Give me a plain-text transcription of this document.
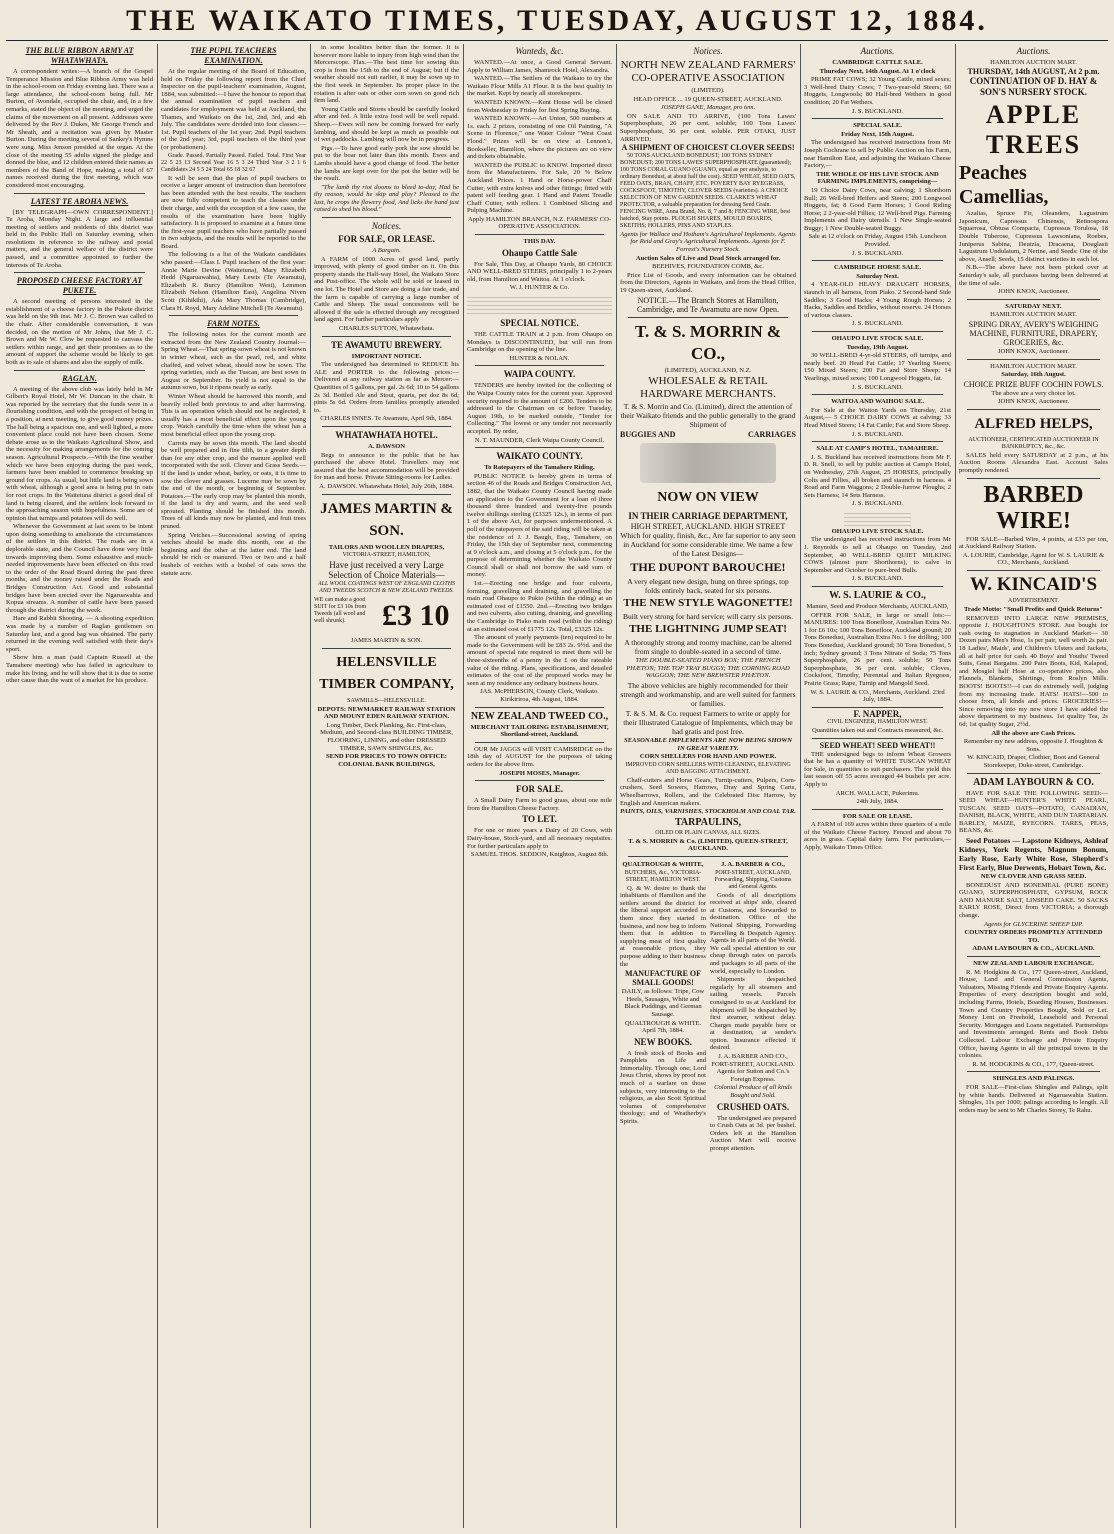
THE WAIKATO TIMES, TUESDAY, AUGUST 12, 1884.
THE BLUE RIBBON ARMY AT WHATAWHATA.

A correspondent writes:—A branch of the Gospel Temperance Mission and Blue Ribbon Army was held in the school-room on Friday evening last. There was a large attendance, the school-room being full. Mr Burton, of Avondale, occupied the chair, and, in a few remarks, stated the object of the meeting, and urged the claims of the movement on all present. Addresses were delivered by the Rev J. Dukes, Mr George French and Mr Sheath, and a recitation was given by Master Burton. During the meeting several of Sankey's Hymns were sung. Miss Jenson presided at the organ. At the close of the meeting 55 adults signed the pledge and donned the blue, and 12 children entered their names as members of the Band of Hope, making a total of 67 names received during the first meeting, which was considered most encouraging.

LATEST TE AROHA NEWS.

[BY TELEGRAPH—OWN CORRESPONDENT.] Te Aroha, Monday Night. A large and influential meeting of settlers and residents of this district was held in the Public Hall on Saturday evening, when resolutions in reference to the railway and postal matters, and the general welfare of the district were passed, and a committee appointed to further the interests of Te Aroha.

PROPOSED CHEESE FACTORY AT PUKETE.

A second meeting of persons interested in the establishment of a cheese factory in the Pukete district was held on the 9th inst. Mr J. C. Brown was called to the chair. After considerable conversation, it was decided, on the motion of Mr Johns, that Mr J. C. Brown and Mr W. Clow be requested to canvass the settlers within range, and get their promises as to the amount of support the scheme would be likely to get both as to sale of shares and also the supply of milk.

RAGLAN.

A meeting of the above club was lately held in Mr Gilbert's Royal Hotel, Mr W. Duncan in the chair. It was reported by the secretary that the funds were in a flourishing condition, and with the prospect of being in a position, at next meeting, to give good money prizes. The hall being a spacious one, and well lighted, a more convenient place could not have been chosen. Some debate arose as to the Waikato Agricultural Show, and the necessity for making arrangements for the coming season. Agricultural Prospects.—With the fine weather which we have been enjoying during the past week, farmers have been enabled to commence breaking up ground for crops. As usual, but little land is being sown with wheat, although a good area is being put in oats for root crops. In the Waitetuna district a good deal of land is being cleared, and the settlers look forward to the approaching season with hopefulness. Some are of opinion that turnips and potatoes will do well.

Whenever the Government at last seem to be intent upon doing something to ameliorate the circumstances of the settlers in this district. The roads are in a deplorable state, and the Council have done very little towards improving them. Some exhaustive and much-needed improvements have been effected on this road to the order of the Road Board during the past three months, and the money raised under the Roads and Bridges Construction Act. Good and substantial bridges have been erected over the Ngaruawahia and Kopua streams. A number of cattle have been passed through the district during the week.

Hare and Rabbit Shooting. — A shooting expedition was made by a number of Raglan gentlemen on Saturday last, and a good bag was obtained. The party returned in the evening well satisfied with their day's sport.

Show him a man (said Captain Russell at the Tamahere meeting) who has failed in agriculture to make his living, and he will show that it is due to some other cause than the want of a market for his produce.

THE PUPIL TEACHERS EXAMINATION.

At the regular meeting of the Board of Education, held on Friday the following report from the Chief Inspector on the pupil-teachers' examination, August, 1884, was submitted:—I have the honour to report that the annual examination of pupil teachers and candidates for employment was held at Auckland, the Thames, and Waikato on the 1st, 2nd, 3rd, and 4th July. The candidates were divided into four classes:—1st. Pupil teachers of the 1st year; 2nd. Pupil teachers of the 2nd year; 3rd, pupil teachers of the third year (or probationers).

Grade. Passed. Partially Passed. Failed. Total. First Year 22 5 23 13 Second Year 16 5 3 24 Third Year 3 2 1 6 Candidates 24 5 5 24 Total 65 18 32 67

It will be seen that the plan of pupil teachers to receive a larger amount of instruction than heretofore has been attended with the best results. The teachers are now fully competent to teach the classes under their charge, and with the exception of a few cases, the results of the examination have been highly satisfactory. It is proposed to examine at a future time the first-year pupil teachers who have partially passed in two subjects, and the results will be reported to the Board.

The following is a list of the Waikato candidates who passed:—Class I. Pupil teachers of the first year: Annie Marie Devine (Waitetuna), Mary Elizabeth Hedd (Ngaruawahia), Mary Lewis (Te Awamutu), Elizabeth R. Burcy (Hamilton West), Lemmon Elizabeth Nelson (Hamilton East), Angelina Niven Scott (Kihikihi), Ada Mary Thomas (Cambridge), Clara H. Royd, Mary Adeline Mitchell (Te Awamutu).

FARM NOTES.

The following notes for the current month are extracted from the New Zealand Country Journal:—Spring Wheat.—That spring-sown wheat is not known in winter wheat, such as the pearl, red, and white chaffed, and velvet wheat, should now be sown. The spring varieties, such as the Tuscan, are best sown in August or September. Its yield is not equal to the autumn sown, but it ripens nearly as early.

Winter Wheat should be harrowed this month, and heavily rolled both previous to and after harrowing. This is an operation which should not be neglected, it usually has a most beneficial effect upon the young crop. Watch carefully the time when the wheat has a most beneficial effect upon the young crop.

Carrots may be sown this month. The land should be well prepared and in fine tilth, to a greater depth than for any other crop, and the manure applied well incorporated with the soil. Clover and Grass Seeds.—If the land is under wheat, barley, or oats, it is time to sow the clover and grasses. Lucerne may be sown by the end of the month, or beginning of September. Potatoes.—The early crop may be planted this month, if the land is dry and warm, and the seed well sprouted. Planting should be finished this month. Trees of all kinds may now be planted, and fruit trees pruned.

Spring Vetches.—Successional sowing of spring vetches should be made this month, one at the beginning and the other at the latter end. The land should be rich or manured. Two or two and a half bushels of vetches with a bushel of oats sows the statute acre.

in some localities better than the former. It is however more liable to injury from high wind than the Mercerscope. Flax.—The best time for sowing this crop is from the 15th to the end of August; but if the weather should not suit earlier, it may be sown up to the first week in September. Its proper place in the rotation is after oats or other corn sown on good rich firm land.

Young Cattle and Stores should be carefully looked after and fed. A little extra food will be well repaid. Sheep.—Ewes will now be coming forward for early lambing, and should be kept as much as possible out of wet paddocks. Lambing will now be in progress.

Pigs.—To have good early pork the sow should be put to the boar not later than this month. Ewes and Lambs should have a good change of food. The better the lambs are kept over for the pot the better will be the result.

"The lamb thy riot dooms to bleed to-day, Had he thy reason, would he skip and play? Pleased to the last, he crops the flowery food, And licks the hand just raised to shed his blood."

Notices.
FOR SALE, OR LEASE.
A Bargain.

A FARM of 1000 Acres of good land, partly improved, with plenty of good timber on it. On this property stands the Half-way Hotel, the Waikato Store and Post-office. The whole will be sold or leased in one lot. The Hotel and Store are doing a fair trade, and the farm is capable of carrying a large number of Cattle and Sheep. The usual concessions will be allowed if the sale is effected through any recognised land agent. For further particulars apply

CHARLES SUTTON, Whatawhata.
TE AWAMUTU BREWERY.
IMPORTANT NOTICE.

The undersigned has determined to REDUCE his ALE and PORTER to the following prices:—Delivered at any railway station as far as Mercer:—Quantities of 5 gallons, per gal. 2s 6d; 10 to 54 gallons 2s 3d. Bottled Ale and Stout, quarts, per doz 8s 6d; pints 5s 6d. Orders from families promptly attended to.

CHARLES INNES. Te Awamutu, April 9th, 1884.
WHATAWHATA HOTEL.
A. DAWSON

Begs to announce to the public that he has purchased the above Hotel. Travellers may rest assured that the best accommodation will be provided for man and horse. Private Sitting-rooms for Ladies.

A. DAWSON. Whatawhata Hotel, July 26th, 1884.
JAMES MARTIN & SON.
TAILORS AND WOOLLEN DRAPERS,
VICTORIA-STREET, HAMILTON,
Have just received a very Large Selection of Choice Materials—
ALL WOOL COATINGS WEST OF ENGLAND CLOTHS AND TWEEDS SCOTCH & NEW ZEALAND TWEEDS.
WE can make a good SUIT for £3 10s from Tweeds (all wool and well shrunk).	£3 10
JAMES MARTIN & SON.
HELENSVILLE TIMBER COMPANY,
SAWMILLS—HELENSVILLE.
DEPOTS: NEWMARKET RAILWAY STATION AND MOUNT EDEN RAILWAY STATION.
Long Timber, Deck Planking, &c. First-class, Medium, and Second-class BUILDING TIMBER, FLOORING, LINING, and other DRESSED TIMBER, SAWN SHINGLES, &c.
SEND FOR PRICES TO TOWN OFFICE: COLONIAL BANK BUILDINGS,
Wanteds, &c.

WANTED.—At once, a Good General Servant. Apply to William James, Shamrock Hotel, Alexandra.

WANTED.—The Settlers of the Waikato to try the Waikato Flour Mills A1 Flour. It is the best quality in the market. Kept by nearly all storekeepers.

WANTED KNOWN.—Kent House will be closed from Wednesday to Friday for first Spring Buying.

WANTED KNOWN.—Art Union, 500 numbers at 1s. each. 2 prizes, consisting of one Oil Painting, "A Scene in Florence," one Water Colour "West Coast Flood." Prizes will be on view at Lennon's, Bookseller, Hamilton, where the pictures are on view and tickets obtainable.

WANTED the PUBLIC to KNOW. Imported direct from the Manufacturers. For Sale, 20 % Below Auckland Prices. 1 Hand or Horse-power Chaff Cutter, with extra knives and other fittings; fitted with patent self feeding gear. 1 Hand and Patent Treadle Chaff Cutter, with rollers. 1 Combined Slicing and Pulping Machine.

Apply HAMILTON BRANCH, N.Z. FARMERS' CO-OPERATIVE ASSOCIATION.
THIS DAY.
Ohaupo Cattle Sale

For Sale, This Day, at Ohaupo Yards, 80 CHOICE AND WELL-BRED STEERS, principally 1 to 2-years old, from Hamilton and Waitoa. At 1 o'clock.

W. J. HUNTER & Co.
SPECIAL NOTICE.

THE CATTLE TRAIN at 2 p.m. from Ohaupo on Mondays is DISCONTINUED, but will run from Cambridge on the opening of the line.

HUNTER & NOLAN.
WAIPA COUNTY.

TENDERS are hereby invited for the collecting of the Waipa County rates for the current year. Approved security required to the amount of £200. Tenders to be addressed to the Chairman on or before Tuesday, August 19th, to be marked outside, "Tender for Collecting." The lowest or any tender not necessarily accepted. By order,

N. T. MAUNDER, Clerk Waipa County Council.
WAIKATO COUNTY.
To Ratepayers of the Tamahere Riding.

PUBLIC NOTICE is hereby given in terms of section 46 of the Roads and Bridges Construction Act, 1882, that the Waikato County Council having made an application to the Government for a loan of three thousand three hundred and twenty-five pounds twelve shillings sterling (£3325 12s.), in terms of part 1 of the above Act, for purposes undermentioned. A poll of the ratepayers of the said riding will be taken at the residence of J. J. Baugh, Esq., Tamahere, on Friday, the 15th day of September next, commencing at 9 o'clock a.m., and closing at 5 o'clock p.m., for the purpose of determining whether the Waikato County Council shall or shall not borrow the said sum of money.

1st.—Erecting one bridge and four culverts, forming, gravelling and draining, and gravelling the main road Ohaupo to Pukio (within the riding) at an estimated cost of £1550. 2nd.—Erecting two bridges and two culverts, also cutting, draining, and gravelling the Cambridge to Piako main road (within the riding) at an estimated cost of £1775 12s. Total, £3325 12s.

The amount of yearly payments (ten) required to be made to the Government will be £83 2s. 9½d. and the amount of special rate required to meet them will be three-sixteenths of a penny in the £ on the rateable value of the riding. Plans, specifications, and detailed estimates of the cost of the proposed works may be seen at my residence any ordinary business hours.

JAS. McPHERSON, County Clerk, Waikato. Kirikiriroa, 4th August, 1884.
NEW ZEALAND TWEED CO.,
MERCHANT TAILORING ESTABLISHMENT, Shortland-street, Auckland.

OUR Mr JAGGS will VISIT CAMBRIDGE on the 18th day of AUGUST for the purposes of taking orders for the above firm.

JOSEPH MOSES, Manager.
FOR SALE.

A Small Dairy Farm to good grass, about one mile from the Hamilton Cheese Factory.

TO LET.

For one or more years a Dairy of 20 Cows, with Dairy-house, Stock-yard, and all necessary requisites. For further particulars apply to

SAMUEL THOS. SEDDON, Knighton, August 8th.
Notices.
NORTH NEW ZEALAND FARMERS' CO-OPERATIVE ASSOCIATION
(LIMITED).
HEAD OFFICE ... 19 QUEEN-STREET, AUCKLAND.
JOSEPH GANE, Manager, pro tem.

ON SALE AND TO ARRIVE, {100 Tons Lawes' Superphosphate, 26 per cent. soluble; 100 Tons Lawes' Superphosphate, 36 per cent. soluble. PER OTAKI, JUST ARRIVED:

A SHIPMENT OF CHOICEST CLOVER SEEDS!

50 TONS AUCKLAND BONEDUST; 100 TONS SYDNEY BONEDUST; 200 TONS LAWES' SUPERPHOSPHATE (guaranteed); 100 TONS CORAL GUANO (GUANO, equal as per analysis, to ordinary Bonedust, at about half the cost). SEED WHEAT, SEED OATS, FEED OATS, BRAN, CHAFF, ETC. POVERTY BAY RYEGRASS, COCKSFOOT, TIMOTHY, CLOVER SEEDS (varieties). A CHOICE SELECTION OF NEW GARDEN SEEDS. CLARKE'S WHEAT PROTECTOR, a valuable preparation for dressing Seed Grain. FENCING WIRE, Anna Brand, No. 8, 7 and 8; FENCING WIRE, best hatched, Stay points. PLOUGH SHARES, MOULD BOARDS, SKEITHS; HOLLERS, PINS AND STAPLES.

Agents for Wallace and Hotham's Agricultural Implements. Agents for Reid and Gray's Agricultural Implements. Agents for F. Forrest's Nursery Stock.
Auction Sales of Live and Dead Stock arranged for.
BEEHIVES, FOUNDATION COMB, &c.

Price List of Goods, and every information can be obtained from the Directors, Agents in Waikato, and from the Head Office, 19 Queen-street, Auckland.

NOTICE.—The Branch Stores at Hamilton, Cambridge, and Te Awamutu are now Open.
T. & S. MORRIN & CO.,
(LIMITED), AUCKLAND, N.Z.
WHOLESALE & RETAIL HARDWARE MERCHANTS.
T. & S. Morrin and Co. (Limited), direct the attention of their Waikato friends and the public generally to the grand Shipment of
BUGGIES AND	CARRIAGES
NOW ON VIEW
IN THEIR CARRIAGE DEPARTMENT,
HIGH STREET, AUCKLAND. HIGH STREET
Which for quality, finish, &c., Are far superior to any seen in Auckland for some considerable time. We name a few of the Latest Designs—
THE DUPONT BAROUCHE!
A very elegant new design, hung on three springs, top folds entirely back, seated for six persons.
THE NEW STYLE WAGONETTE!
Built very strong for hard service; will carry six persons.
THE LIGHTNING JUMP SEAT!
A thoroughly strong and roomy machine, can be altered from single to double-seated in a second of time.
THE DOUBLE-SEATED PIANO BOX; THE FRENCH PHÆTON; THE TOP TRAY BUGGY; THE CORNING ROAD WAGGON; THE NEW BREWSTER PHÆTON.
The above vehicles are highly recommended for their strength and workmanship, and are well suited for farmers or families.
T. & S. M. & Co. request Farmers to write or apply for their Illustrated Catalogue of Implements, which may be had gratis and post free.
SEASONABLE IMPLEMENTS ARE NOW BEING SHOWN IN GREAT VARIETY.
CORN SHELLERS FOR HAND AND POWER.
IMPROVED CORN SHELLERS WITH CLEANING, ELEVATING AND BAGGING ATTACHMENT.

Chaff-cutters and Horse Gears, Turnip-cutters, Pulpers, Corn-crushers, Seed Sowers, Harrows, Dray and Spring Carts, Wheelbarrows, Rollers, and the Celebrated Disc Harrow, by English and American makers.

PAINTS, OILS, VARNISHES, STOCKHOLM AND COAL TAR.
TARPAULINS,
OILED OR PLAIN CANVAS, ALL SIZES.
T. & S. MORRIN & Co. (LIMITED), QUEEN-STREET, AUCKLAND.
QUALTROUGH & WHITE,
BUTCHERS, &c., VICTORIA-STREET, HAMILTON WEST.

Q. & W. desire to thank the inhabitants of Hamilton and the settlers around the district for the liberal support accorded to them since they started in business, and now beg to inform them that in addition to supplying meat of first quality at reasonable prices, they purpose adding to their business the

MANUFACTURE OF SMALL GOODS!
DAILY, as follows: Tripe, Cow Heels, Sausages, White and Black Puddings, and German Sausage.
QUALTROUGH & WHITE. April 7th, 1884.
NEW BOOKS.

A fresh stock of Books and Pamphlets on Life and Immortality. Through one; Lord Jesus Christ, shows by proof not much of a warfare on those subjects, very interesting to the religious, as also Scott Spiritual volumes of comprehensive theology; and of Weatherby's Spirits.

J. A. BARBER & CO.,
PORT-STREET, AUCKLAND, Forwarding, Shipping, Customs and General Agents.

Goods of all descriptions received at ships' side, cleared at Customs, and forwarded to destination. Office of the National Shipping, Forwarding Parcelling & Despatch Agency. Agents in all parts of the World. We call special attention to our cheap through rates on parcels and packages to all parts of the world, especially to London.

Shipments despatched regularly by all steamers and sailing vessels. Parcels consigned to us at Auckland for shipment will be despatched by first steamer, without delay. Charges made payable here or at destination, at sender's option. Insurance effected if desired.

J. A. BARBER AND CO., FORT-STREET, AUCKLAND. Agents for Sutton and Co.'s Foreign Express.
Colonial Produce of all kinds Bought and Sold.
CRUSHED OATS.

The undersigned are prepared to Crush Oats at 3d. per bushel. Orders left at the Hamilton Auction Mart will receive prompt attention.

Auctions.
CAMBRIDGE CATTLE SALE.
Thursday Next, 14th August. At 1 o'clock

PRIME FAT COWS; 32 Young Cattle, mixed sexes; 3 Well-bred Dairy Cows; 7 Two-year-old Steers; 60 Hoggets, Longwools; 80 Half-bred Wethers in good condition; 20 Fat Wethers.

J. S. BUCKLAND.
SPECIAL SALE.
Friday Next, 15th August.

The undersigned has received instructions from Mr Joseph Cochrane to sell by Public Auction on his Farm, near Hamilton East, and adjoining the Waikato Cheese Factory,—

THE WHOLE OF HIS LIVE STOCK AND FARMING IMPLEMENTS, comprising—

19 Choice Dairy Cows, near calving; 1 Shorthorn Bull; 26 Well-bred Heifers and Steers; 200 Longwool Hoggets, fat; 8 Good Farm Horses; 1 Good Riding Horse; 2 2-year-old Fillies; 12 Well-bred Pigs. Farming Implements and Dairy utensils. 1 New Single-seated Buggy; 1 New Double-seated Buggy.

Sale at 12 o'clock on Friday, August 15th. Luncheon Provided.
J. S. BUCKLAND.
CAMBRIDGE HORSE SALE.
Saturday Next.

4 YEAR-OLD HEAVY DRAUGHT HORSES, staunch in all harness, from Piako. 2 Second-hand Side Saddles; 3 Good Hacks; 4 Young Rough Horses; 2 Hacks, Saddles and Bridles, without reserve. 24 Horses of various classes.

J. S. BUCKLAND.
OHAUPO LIVE STOCK SALE.
Tuesday, 19th August.

30 WELL-BRED 4-yr-old STEERS, off turnips, and nearly beef. 20 Head Fat Cattle; 17 Yearling Steers; 150 Mixed Steers; 200 Fat and Store Sheep; 14 Yearlings, mixed sexes; 100 Longwool Hoggets, fat.

J. S. BUCKLAND.
WAITOA AND WAIHOU SALE.

For Sale at the Waiton Yards on Thursday, 21st August,— 5 CHOICE DAIRY COWS at calving; 33 Head Mixed Steers; 14 Fat Cattle; Fat and Store Sheep.

J. S. BUCKLAND.
SALE AT CAMP'S HOTEL, TAMAHERE.

J. S. Buckland has received instructions from Mr F. D. R. Snell, to sell by public auction at Camp's Hotel, on Wednesday, 27th August, 25 HORSES, principally Colts and Fillies, all broken and staunch in harness. 4 Road and Farm Waggons; 2 Double-furrow Ploughs; 2 Sets Harness; 14 Sets Harness.

J. S. BUCKLAND.
OHAUPO LIVE STOCK SALE.

The undersigned has received instructions from Mr J. Reynolds to sell at Ohaupo on Tuesday, 2nd September, 40 WELL-BRED QUIET MILKING COWS (almost pure Shorthorns), to calve in September and October to pure-bred Bulls.

J. S. BUCKLAND.
W. S. LAURIE & CO.,
Manure, Seed and Produce Merchants, AUCKLAND,

OFFER FOR SALE, in large or small lots:—MANURES: 100 Tons Bonefloor, Australian Extra No. 1 for £6 10s; 100 Tons Bonefloor, Auckland ground; 20 Tons Bonedust, Australian Extra No. 1 for drilling; 100 Tons Bonedust, Auckland ground; 30 Tons Bonedust, 5 inch; Sydney ground; 3 Tons Nitrate of Soda; 75 Tons Superphosphate, 26 per cent. soluble; 50 Tons Superphosphate, 36 per cent. soluble; Cloves, Cocksfoot, Timothy, Perennial and Italian Ryegrass, Prairie Grass; Rape, Turnip and Mangold Seed.

W. S. LAURIE & CO., Merchants, Auckland. 23rd July, 1884.
F. NAPPER,
CIVIL ENGINEER, HAMILTON WEST.
Quantities taken out and Contracts measured, &c.
SEED WHEAT! SEED WHEAT!!

THE undersigned begs to inform Wheat Growers that he has a quantity of WHITE TUSCAN WHEAT for Sale, in quantities to suit purchasers. The yield this last season off 55 acres averaged 44 bushels per acre. Apply to

ARCH. WALLACE, Pukerimu.
24th July, 1884.
FOR SALE OR LEASE.

A FARM of 169 acres within three quarters of a mile of the Waikato Cheese Factory. Fenced and about 70 acres in grass. Capital dairy farm. For particulars,—Apply, Waikato Times Office.

Auctions.
HAMILTON AUCTION MART.
THURSDAY, 14th AUGUST, At 2 p.m.
CONTINUATION OF D. HAY & SON'S NURSERY STOCK.
APPLE TREES
Peaches
Camellias,

Azalias, Spruce Fir, Oleanders, Lagustrum Japonicum, Capressus Chinensis, Retinospora Squarrosa, Obtusa Compacta, Cupressus Torulosa, 18 Double Tuberose, Cupressus Lawsoniana, Roebes, Juniperus Sabina, Deutzia, Dracaena, Douglasii Lagustrum Undulatum, 2 Nerine, and Seeds: One of the above, Ansell; Seeds, 15 distinct varieties in each lot.

N.B.—The above have not been picked over at Saturday's sale, all purchases having been delivered at the time of sale.

JOHN KNOX, Auctioneer.
SATURDAY NEXT.
HAMILTON AUCTION MART.
SPRING DRAY, AVERY'S WEIGHING MACHINE, FURNITURE, DRAPERY, GROCERIES, &c.
JOHN KNOX, Auctioneer.
HAMILTON AUCTION MART.
Saturday, 16th August.
CHOICE PRIZE BUFF COCHIN FOWLS.
The above are a very choice lot.
JOHN KNOX, Auctioneer.
ALFRED HELPS,
AUCTIONEER, CERTIFICATED AUCTIONEER IN BANKRUPTCY, &c., &c.

SALES held every SATURDAY at 2 p.m., at his Auction Rooms Alexandra East. Account Sales promptly rendered.

BARBED WIRE!

FOR SALE—Barbed Wire, 4 points, at £33 per ton, at Auckland Railway Station.

A. LOURIE, Cambridge, Agent for W. S. LAURIE & CO., Merchants, Auckland.
W. KINCAID'S
ADVERTISEMENT.
Trade Motto: "Small Profits and Quick Returns"

REMOVED INTO LARGE NEW PREMISES, opposite J. HOUGHTON'S STORE. Just bought for cash owing to stagnation in Auckland Market— 30 Dozen pairs Men's Hose, 1s per pair, well worth 2s pair. 18 Ladies', Maids', and Children's Ulsters and Jackets, all at half price for cash. 40 Boys' and Youths' Tweed Suits, Great Bargains. 200 Pairs Boots, Kid, Kalapod, and Mosgiel half Hose at co-operative prices, also Flannels, Blankets, Shirtings, from Roslyn Mills. BOOTS! BOOTS!!—I can do extremely well, judging from my increasing trade. HATS! HATS!—500 to choose from, all kinds and prices. GROCERIES!—Since removing into my new store I have added the above department to my business. 1st quality Tea, 2s 6d; 1st quality Sugar, 2½d.

All the above are Cash Prices.
Remember my new address, opposite J. Houghton & Sons.
W. KINCAID, Draper, Clothier, Boot and General Storekeeper, Duke-street, Cambridge.
ADAM LAYBOURN & CO.

HAVE FOR SALE THE FOLLOWING SEED:— SEED WHEAT—HUNTER'S WHITE PEARL, TUSCAN. SEED OATS—POTATO, CANADIAN, DANISH, BLACK, WHITE, AND DUN TARTARIAN. BARLEY, MAIZE, RYECORN. TARES, PEAS, BEANS, &c.

Seed Potatoes — Lapstone Kidneys, Ashleaf Kidneys, York Regents, Magnum Bonum, Early Rose, Early White Rose, Shepherd's First Early, Blue Derwents, Hobart Town, &c.

NEW CLOVER AND GRASS SEED.

BONEDUST AND BONEMEAL (PURE BONE) GUANO, SUPERPHOSPHATE, GYPSUM, ROCK AND MANURE SALT, LINSEED CAKE. 50 SACKS EARLY ROSE, Direct from VICTORIA; a thorough change.

Agents for GLYCERINE SHEEP DIP.
COUNTRY ORDERS PROMPTLY ATTENDED TO.
ADAM LAYBOURN & CO., AUCKLAND.
NEW ZEALAND LABOUR EXCHANGE.

R. M. Hodgkins & Co., 177 Queen-street, Auckland, House, Land and General Commission Agents, Valuators, Missing Friends and Private Enquiry Agents. Properties of every description bought and sold, including Farms, Hotels, Boarding Houses, Businesses. Town and Country Properties Bought, Sold or Let. Money Lent on Freehold, Leasehold and Personal Security. Mortgages and Loans negotiated. Partnerships and Investments arranged. Rents and Book Debts Collected. Labour Exchange and Private Enquiry Office, having Agents in all the principal towns in the colonies.

R. M. HODGKINS & CO., 177, Queen-street.
SHINGLES AND PALINGS.

FOR SALE—First-class Shingles and Palings, split by white hands. Delivered at Ngaruawahia Station. Shingles, 11s per 1000; palings according to length. All orders may be sent to Mr Charles Storey, Te Rahu.
